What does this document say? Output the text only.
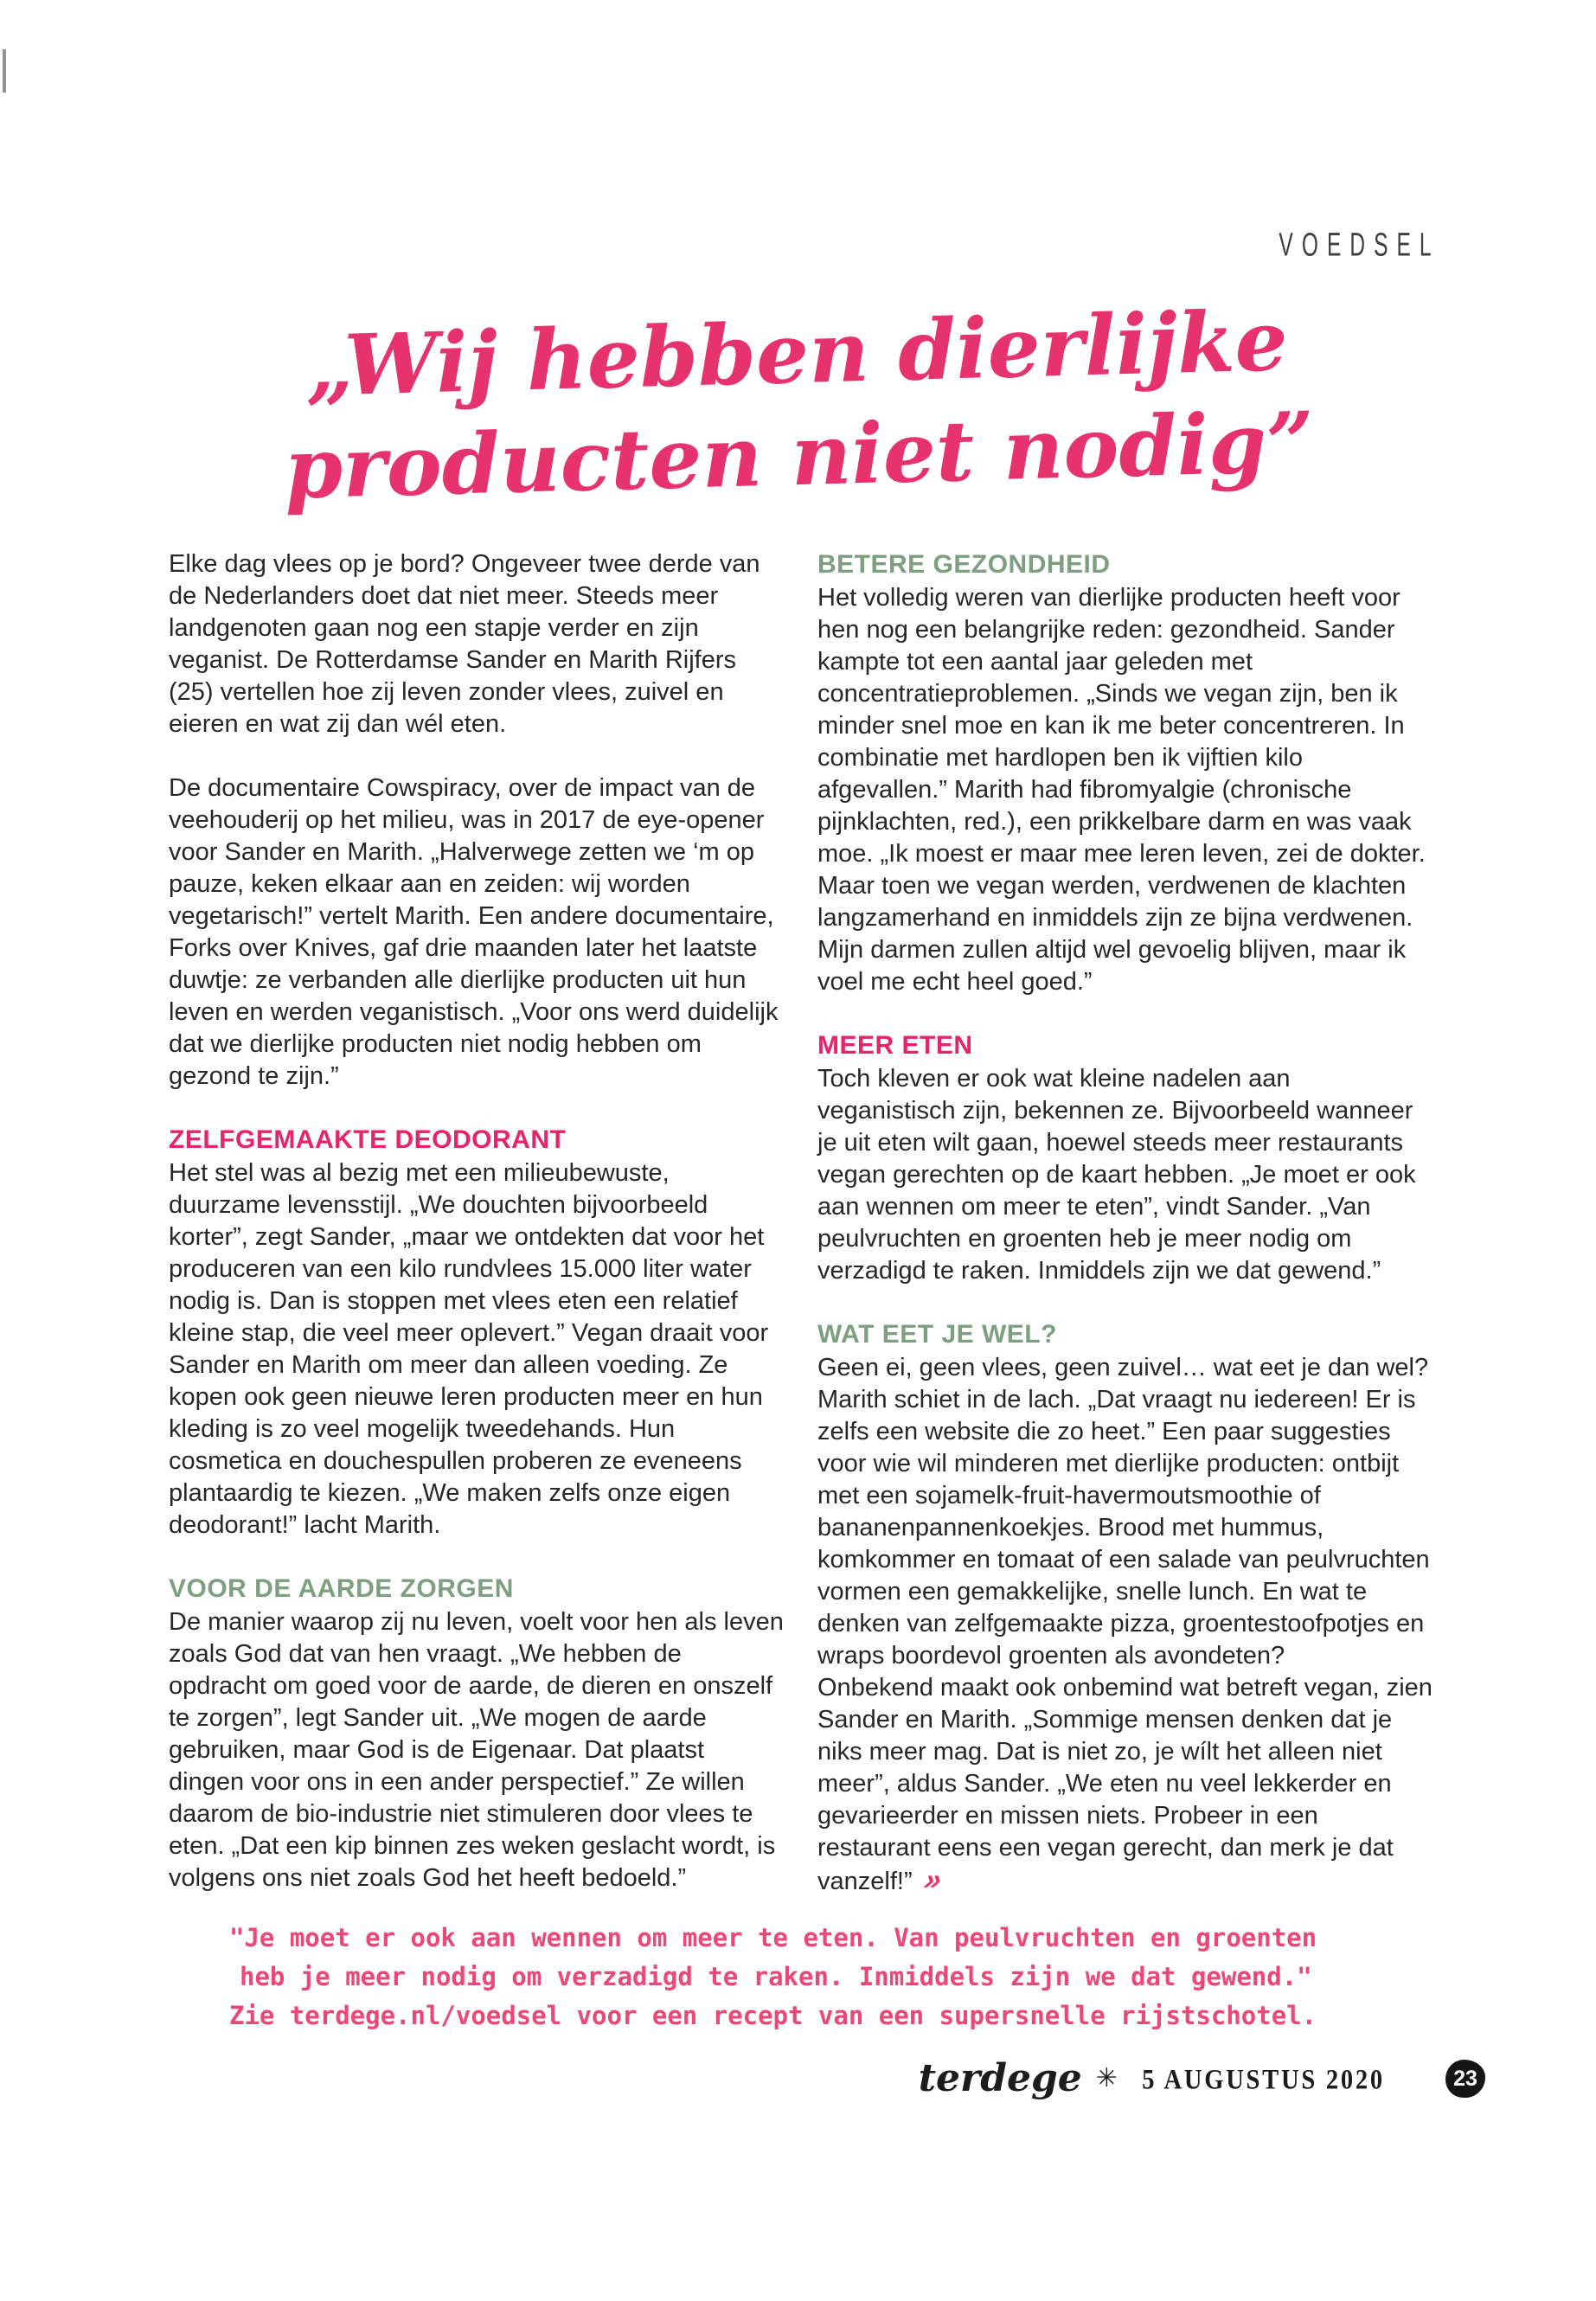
VOEDSEL
„Wij hebben dierlijke
producten niet nodig”

Elke dag vlees op je bord? Ongeveer twee derde van de Nederlanders doet dat niet meer. Steeds meer landgenoten gaan nog een stapje verder en zijn veganist. De Rotterdamse Sander en Marith Rijfers (25) vertellen hoe zij leven zonder vlees, zuivel en eieren en wat zij dan wél eten.

De documentaire Cowspiracy, over de impact van de veehouderij op het milieu, was in 2017 de eye-opener voor Sander en Marith. „Halverwege zetten we ‘m op pauze, keken elkaar aan en zeiden: wij worden vegetarisch!” vertelt Marith. Een andere documentaire, Forks over Knives, gaf drie maanden later het laatste duwtje: ze verbanden alle dierlijke producten uit hun leven en werden veganistisch. „Voor ons werd duidelijk dat we dierlijke producten niet nodig hebben om gezond te zijn.”

ZELFGEMAAKTE DEODORANT

Het stel was al bezig met een milieubewuste, duurzame levensstijl. „We douchten bijvoorbeeld korter”, zegt Sander, „maar we ontdekten dat voor het produceren van een kilo rundvlees 15.000 liter water nodig is. Dan is stoppen met vlees eten een relatief kleine stap, die veel meer oplevert.” Vegan draait voor Sander en Marith om meer dan alleen voeding. Ze kopen ook geen nieuwe leren producten meer en hun kleding is zo veel mogelijk tweedehands. Hun cosmetica en douchespullen proberen ze eveneens plantaardig te kiezen. „We maken zelfs onze eigen deodorant!” lacht Marith.

VOOR DE AARDE ZORGEN

De manier waarop zij nu leven, voelt voor hen als leven zoals God dat van hen vraagt. „We hebben de opdracht om goed voor de aarde, de dieren en onszelf te zorgen”, legt Sander uit. „We mogen de aarde gebruiken, maar God is de Eigenaar. Dat plaatst dingen voor ons in een ander perspectief.” Ze willen daarom de bio-industrie niet stimuleren door vlees te eten. „Dat een kip binnen zes weken geslacht wordt, is volgens ons niet zoals God het heeft bedoeld.”

BETERE GEZONDHEID

Het volledig weren van dierlijke producten heeft voor hen nog een belangrijke reden: gezondheid. Sander kampte tot een aantal jaar geleden met concentratieproblemen. „Sinds we vegan zijn, ben ik minder snel moe en kan ik me beter concentreren. In combinatie met hardlopen ben ik vijftien kilo afgevallen.” Marith had fibromyalgie (chronische pijnklachten, red.), een prikkelbare darm en was vaak moe. „Ik moest er maar mee leren leven, zei de dokter. Maar toen we vegan werden, verdwenen de klachten langzamerhand en inmiddels zijn ze bijna verdwenen. Mijn darmen zullen altijd wel gevoelig blijven, maar ik voel me echt heel goed.”

MEER ETEN

Toch kleven er ook wat kleine nadelen aan veganistisch zijn, bekennen ze. Bijvoorbeeld wanneer je uit eten wilt gaan, hoewel steeds meer restaurants vegan gerechten op de kaart hebben. „Je moet er ook aan wennen om meer te eten”, vindt Sander. „Van peulvruchten en groenten heb je meer nodig om verzadigd te raken. Inmiddels zijn we dat gewend.”

WAT EET JE WEL?

Geen ei, geen vlees, geen zuivel… wat eet je dan wel? Marith schiet in de lach. „Dat vraagt nu iedereen! Er is zelfs een website die zo heet.” Een paar suggesties voor wie wil minderen met dierlijke producten: ontbijt met een sojamelk-fruit-havermoutsmoothie of bananenpannenkoekjes. Brood met hummus, komkommer en tomaat of een salade van peulvruchten vormen een gemakkelijke, snelle lunch. En wat te denken van zelfgemaakte pizza, groentestoofpotjes en wraps boordevol groenten als avondeten?

Onbekend maakt ook onbemind wat betreft vegan, zien Sander en Marith. „Sommige mensen denken dat je niks meer mag. Dat is niet zo, je wílt het alleen niet meer”, aldus Sander. „We eten nu veel lekkerder en gevarieerder en missen niets. Probeer in een restaurant eens een vegan gerecht, dan merk je dat vanzelf!” »

"Je moet er ook aan wennen om meer te eten. Van peulvruchten en groenten
heb je meer nodig om verzadigd te raken. Inmiddels zijn we dat gewend."
Zie terdege.nl/voedsel voor een recept van een supersnelle rijstschotel.
terdege ✳ 5 AUGUSTUS 2020	23
